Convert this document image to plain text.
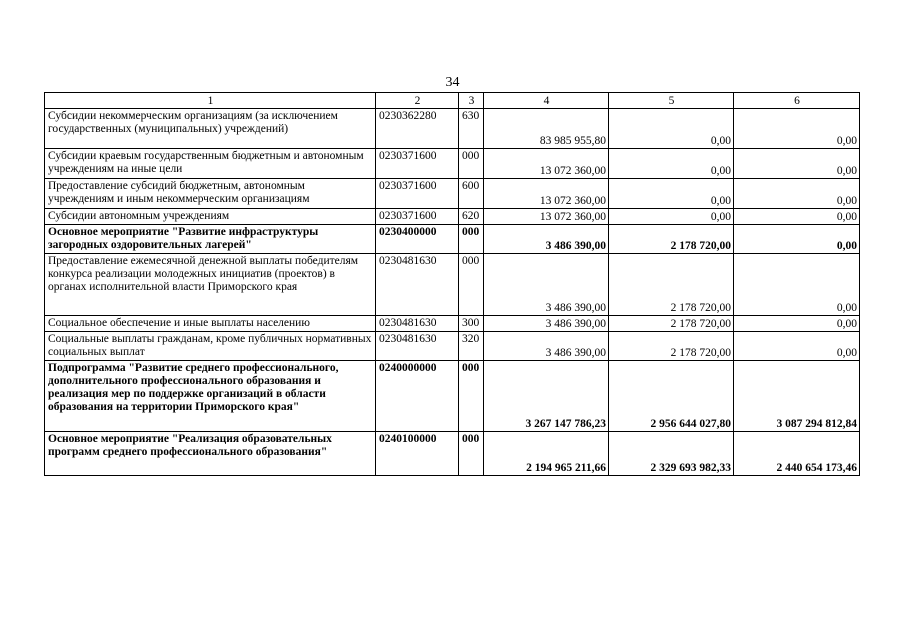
34
1	2	3	4	5	6
Субсидии некоммерческим организациям (за исключением государственных (муниципальных) учреждений)	0230362280	630	83 985 955,80	0,00	0,00
Субсидии краевым государственным бюджетным и автономным учреждениям на иные цели	0230371600	000	13 072 360,00	0,00	0,00
Предоставление субсидий бюджетным, автономным учреждениям и иным некоммерческим организациям	0230371600	600	13 072 360,00	0,00	0,00
Субсидии автономным учреждениям	0230371600	620	13 072 360,00	0,00	0,00
Основное мероприятие "Развитие инфраструктуры загородных оздоровительных лагерей"	0230400000	000	3 486 390,00	2 178 720,00	0,00
Предоставление ежемесячной денежной выплаты победителям конкурса реализации молодежных инициатив (проектов) в органах исполнительной власти Приморского края	0230481630	000	3 486 390,00	2 178 720,00	0,00
Социальное обеспечение и иные выплаты населению	0230481630	300	3 486 390,00	2 178 720,00	0,00
Социальные выплаты гражданам, кроме публичных нормативных социальных выплат	0230481630	320	3 486 390,00	2 178 720,00	0,00
Подпрограмма "Развитие среднего профессионального, дополнительного профессионального образования и реализация мер по поддержке организаций в области образования на территории Приморского края"	0240000000	000	3 267 147 786,23	2 956 644 027,80	3 087 294 812,84
Основное мероприятие "Реализация образовательных программ среднего профессионального образования"	0240100000	000	2 194 965 211,66	2 329 693 982,33	2 440 654 173,46
